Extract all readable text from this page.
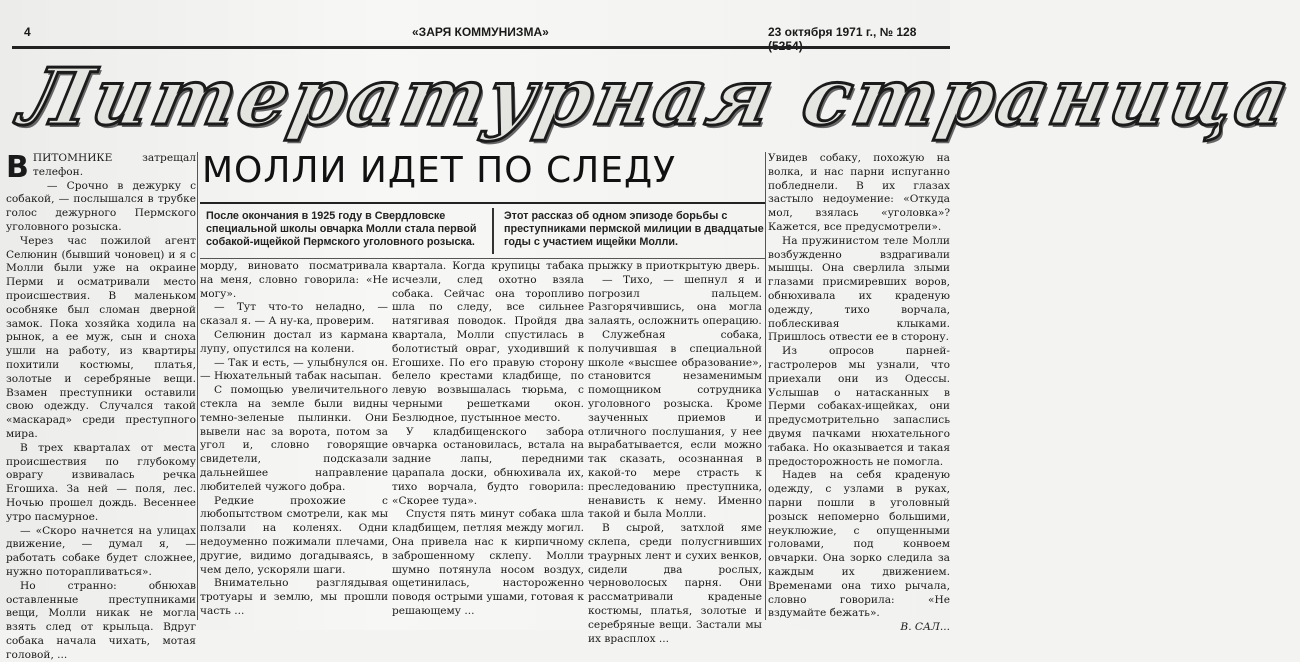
4	«ЗАРЯ КОММУНИЗМА»	23 октября 1971 г., № 128
Литературная страница
МОЛЛИ ИДЕТ ПО СЛЕДУ
После окончания в 1925 году в Свердловске специальной школы овчарка Молли стала первой собакой-ищейкой Пермского уголовного розыска.
Этот рассказ об одном эпизоде борьбы с преступниками пермской милиции в двадцатые годы с участием ищейки Молли.
В ПИТОМНИКЕ затрещал телефон.

— Срочно в дежурку с собакой, — послышался в трубке голос дежурного Пермского уголовного розыска.

Через час пожилой агент Селюнин (бывший чоновец) и я с Молли были уже на окраине Перми и осматривали место происшествия. В маленьком особняке был сломан дверной замок. Пока хозяйка ходила на рынок, а ее муж, сын и сноха ушли на работу, из квартиры похитили костюмы, платья, золотые и серебряные вещи. Взамен преступники оставили свою одежду. Случался такой «маскарад» среди преступного мира.

В трех кварталах от места происшествия по глубокому оврагу извивалась речка Егошиха. За ней — поля, лес. Ночью прошел дождь. Весеннее утро пасмурное.

— «Скоро начнется на улицах движение, — думал я, — работать собаке будет сложнее, нужно поторапливаться».

Но странно: обнюхав оставленные преступниками вещи, Молли никак не могла взять след от крыльца. Вдруг собака начала чихать, мотая головой, ...

морду, виновато посматривала на меня, словно говорила: «Не могу».

— Тут что-то неладно, — сказал я. — А ну-ка, проверим.

Селюнин достал из кармана лупу, опустился на колени.

— Так и есть, — улыбнулся он. — Нюхательный табак насыпан.

С помощью увеличительного стекла на земле были видны темно-зеленые пылинки. Они вывели нас за ворота, потом за угол и, словно говорящие свидетели, подсказали дальнейшее направление любителей чужого добра.

Редкие прохожие с любопытством смотрели, как мы ползали на коленях. Одни недоуменно пожимали плечами, другие, видимо догадываясь, в чем дело, ускоряли шаги.

Внимательно разглядывая тротуары и землю, мы прошли часть ...

квартала. Когда крупицы табака исчезли, след охотно взяла собака. Сейчас она торопливо шла по следу, все сильнее натягивая поводок. Пройдя два квартала, Молли спустилась в болотистый овраг, уходивший к Егошихе. По его правую сторону белело крестами кладбище, по левую возвышалась тюрьма, с черными решетками окон. Безлюдное, пустынное место.

У кладбищенского забора овчарка остановилась, встала на задние лапы, передними царапала доски, обнюхивала их, тихо ворчала, будто говорила: «Скорее туда».

Спустя пять минут собака шла кладбищем, петляя между могил. Она привела нас к кирпичному заброшенному склепу. Молли шумно потянула носом воздух, ощетинилась, настороженно поводя острыми ушами, готовая к решающему ...

прыжку в приоткрытую дверь.

— Тихо, — шепнул я и погрозил пальцем. Разгорячившись, она могла залаять, осложнить операцию.

Служебная собака, получившая в специальной школе «высшее образование», становится незаменимым помощником сотрудника уголовного розыска. Кроме заученных приемов и отличного послушания, у нее вырабатывается, если можно так сказать, осознанная в какой-то мере страсть к преследованию преступника, ненависть к нему. Именно такой и была Молли.

В сырой, затхлой яме склепа, среди полусгнивших траурных лент и сухих венков, сидели два рослых, черноволосых парня. Они рассматривали краденые костюмы, платья, золотые и серебряные вещи. Застали мы их врасплох ...

Увидев собаку, похожую на волка, и нас парни испуганно побледнели. В их глазах застыло недоумение: «Откуда мол, взялась «уголовка»? Кажется, все предусмотрели».

На пружинистом теле Молли возбужденно вздрагивали мышцы. Она сверлила злыми глазами присмиревших воров, обнюхивала их краденую одежду, тихо ворчала, поблескивая клыками. Пришлось отвести ее в сторону.

Из опросов парней-гастролеров мы узнали, что приехали они из Одессы. Услышав о натасканных в Перми собаках-ищейках, они предусмотрительно запаслись двумя пачками нюхательного табака. Но оказывается и такая предосторожность не помогла.

Надев на себя краденую одежду, с узлами в руках, парни пошли в уголовный розыск непомерно большими, неуклюжие, с опущенными головами, под конвоем овчарки. Она зорко следила за каждым их движением. Временами она тихо рычала, словно говорила: «Не вздумайте бежать».

В. САЛ...
